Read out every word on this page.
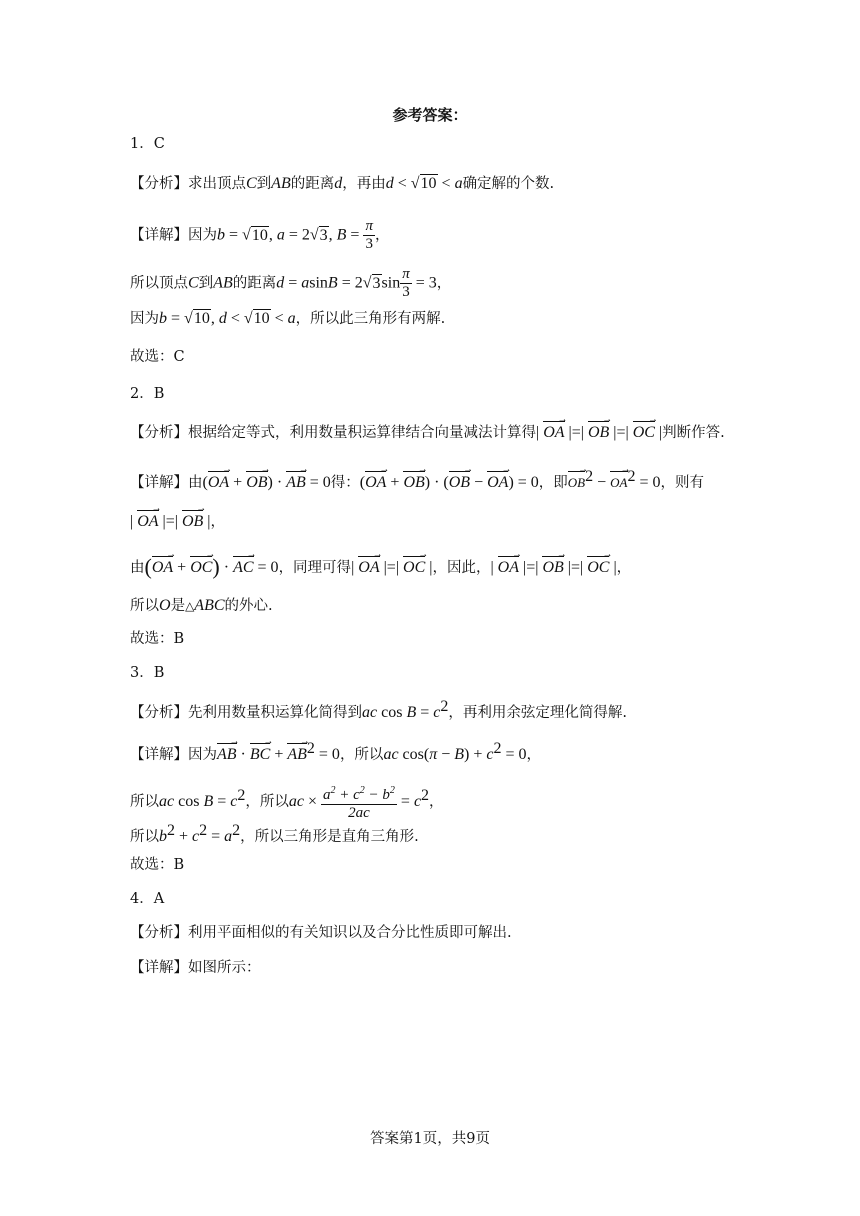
参考答案：
1．C
【分析】求出顶点C到AB的距离d，再由d < √10 < a确定解的个数.
【详解】因为b = √10, a = 2√3, $B = \frac{\pi}{3}$ ，
所以顶点C到AB的距离$d = asinB = 2√3\sin \frac{\pi}{3} = 3$，
因为b = √10, d < √10 < a，所以此三角形有两解.
故选：C
2．B
【分析】根据给定等式，利用数量积运算律结合向量减法计算得| OA → |=| OB → |=| OC → |判断作答.
【详解】由(OA → + OB →) · AB → = 0得：(OA → + OB →) · (OB → − OA →) = 0，即OB →$^2$ − OA →$^2$ = 0，则有
| OA → |=| OB → |，
由(OA → + OC →) · AC → = 0，同理可得| OA → |=| OC → |，因此，| OA → |=| OB → |=| OC → |，
所以O是△ABC的外心.
故选：B
3．B
【分析】先利用数量积运算化简得到ac $\cos B = c^2$，再利用余弦定理化简得解.
【详解】因为AB → · BC → + AB →$^2$ = 0，所以ac $\cos(\pi - B) + c^2 = 0$，
所以ac $\cos B = c^2$，所以ac × $\frac{a^2 + c^2 - b^2}{2ac} = c^2$，
所以$b^2 + c^2 = a^2$，所以三角形是直角三角形.
故选：B
4．A
【分析】利用平面相似的有关知识以及合分比性质即可解出.
【详解】如图所示：
答案第1页，共9页
